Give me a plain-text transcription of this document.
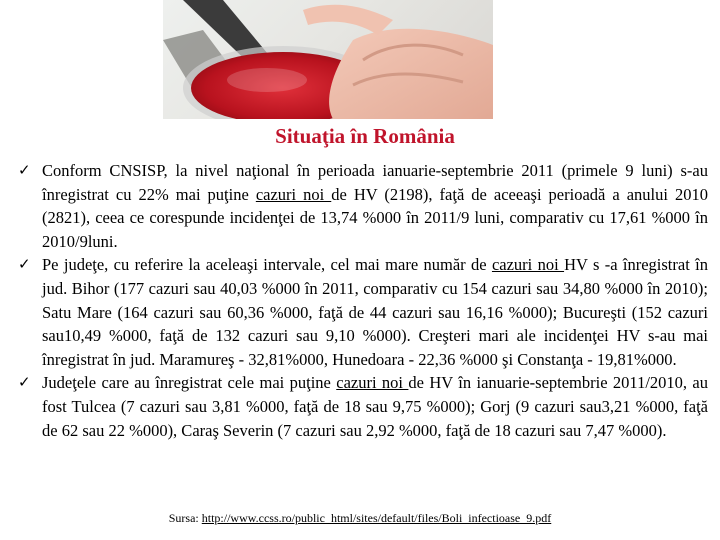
Situaţia în România
✓ Conform CNSISP, la nivel naţional în perioada ianuarie-septembrie 2011 (primele 9 luni) s-au înregistrat cu 22% mai puţine cazuri noi de HV (2198), faţă de aceeaşi perioadă a anului 2010 (2821), ceea ce corespunde incidenţei de 13,74 %000 în 2011/9 luni, comparativ cu 17,61 %000 în 2010/9luni.
✓ Pe judeţe, cu referire la aceleaşi intervale, cel mai mare număr de cazuri noi HV s -a înregistrat în jud. Bihor (177 cazuri sau 40,03 %000 în 2011, comparativ cu 154 cazuri sau 34,80 %000 în 2010); Satu Mare (164 cazuri sau 60,36 %000, faţă de 44 cazuri sau 16,16 %000); Bucureşti (152 cazuri sau10,49 %000, faţă de 132 cazuri sau 9,10 %000). Creşteri mari ale incidenţei HV s-au mai înregistrat în jud. Maramureş - 32,81%000, Hunedoara - 22,36 %000 şi Constanţa - 19,81%000.
✓ Judeţele care au înregistrat cele mai puţine cazuri noi de HV în ianuarie-septembrie 2011/2010, au fost Tulcea (7 cazuri sau 3,81 %000, faţă de 18 sau 9,75 %000); Gorj (9 cazuri sau3,21 %000, faţă de 62 sau 22 %000), Caraş Severin (7 cazuri sau 2,92 %000, faţă de 18 cazuri sau 7,47 %000).
Sursa: http://www.ccss.ro/public_html/sites/default/files/Boli_infectioase_9.pdf
